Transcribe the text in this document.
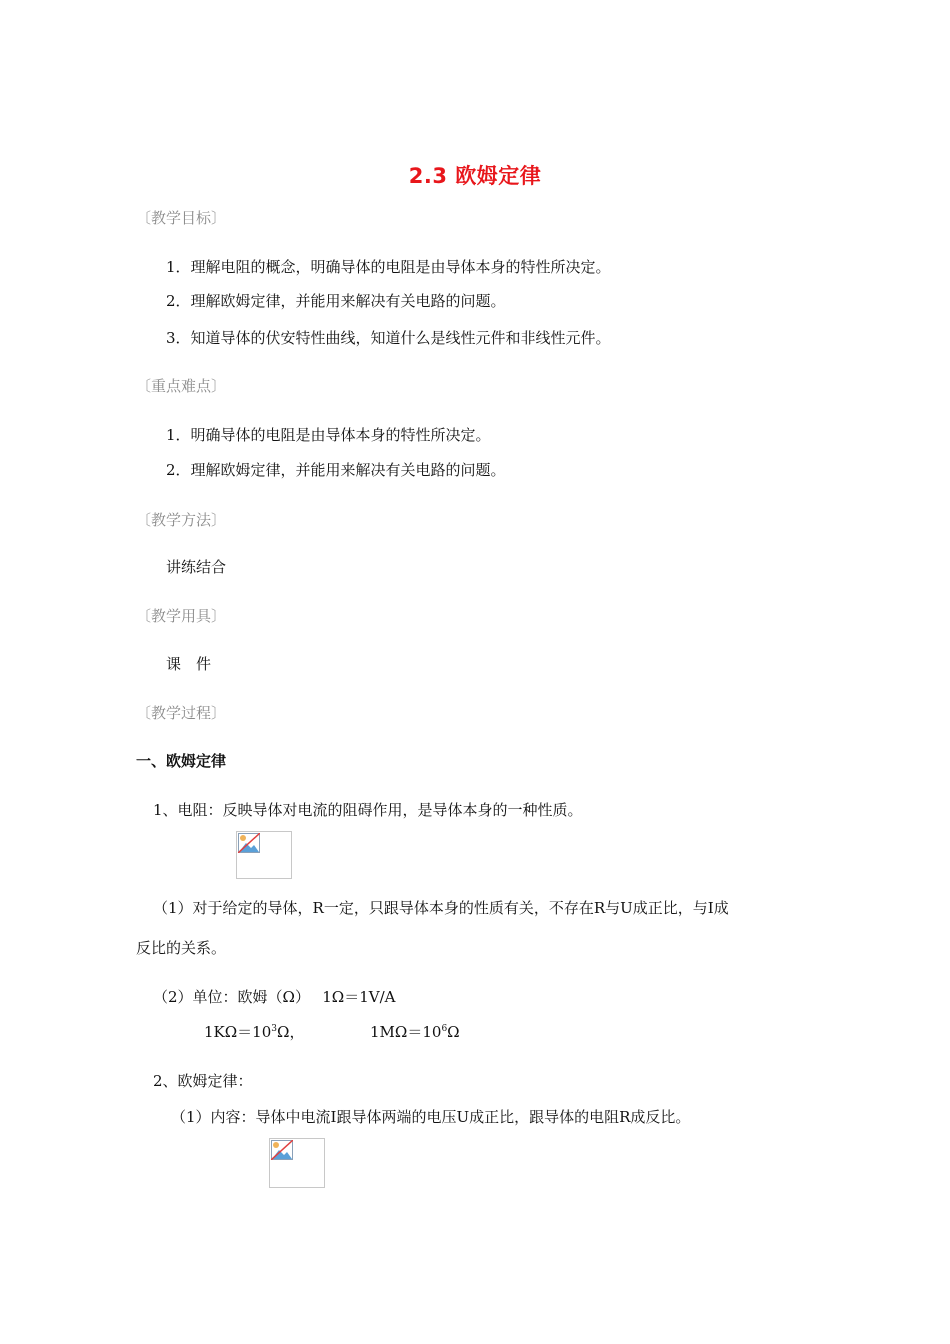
2.3 欧姆定律
〔教学目标〕
1．理解电阻的概念，明确导体的电阻是由导体本身的特性所决定。
2．理解欧姆定律，并能用来解决有关电路的问题。
3．知道导体的伏安特性曲线，知道什么是线性元件和非线性元件。
〔重点难点〕
1．明确导体的电阻是由导体本身的特性所决定。
2．理解欧姆定律，并能用来解决有关电路的问题。
〔教学方法〕
讲练结合
〔教学用具〕
课　件
〔教学过程〕
一、欧姆定律
1、电阻：反映导体对电流的阻碍作用，是导体本身的一种性质。
（1）对于给定的导体，R一定，只跟导体本身的性质有关，不存在R与U成正比，与I成
反比的关系。
（2）单位：欧姆（Ω）　 1Ω＝1V/A
$1K\Omega=10^3\Omega$，	$1M\Omega=10^6\Omega$
2、欧姆定律：
（1）内容：导体中电流I跟导体两端的电压U成正比，跟导体的电阻R成反比。
